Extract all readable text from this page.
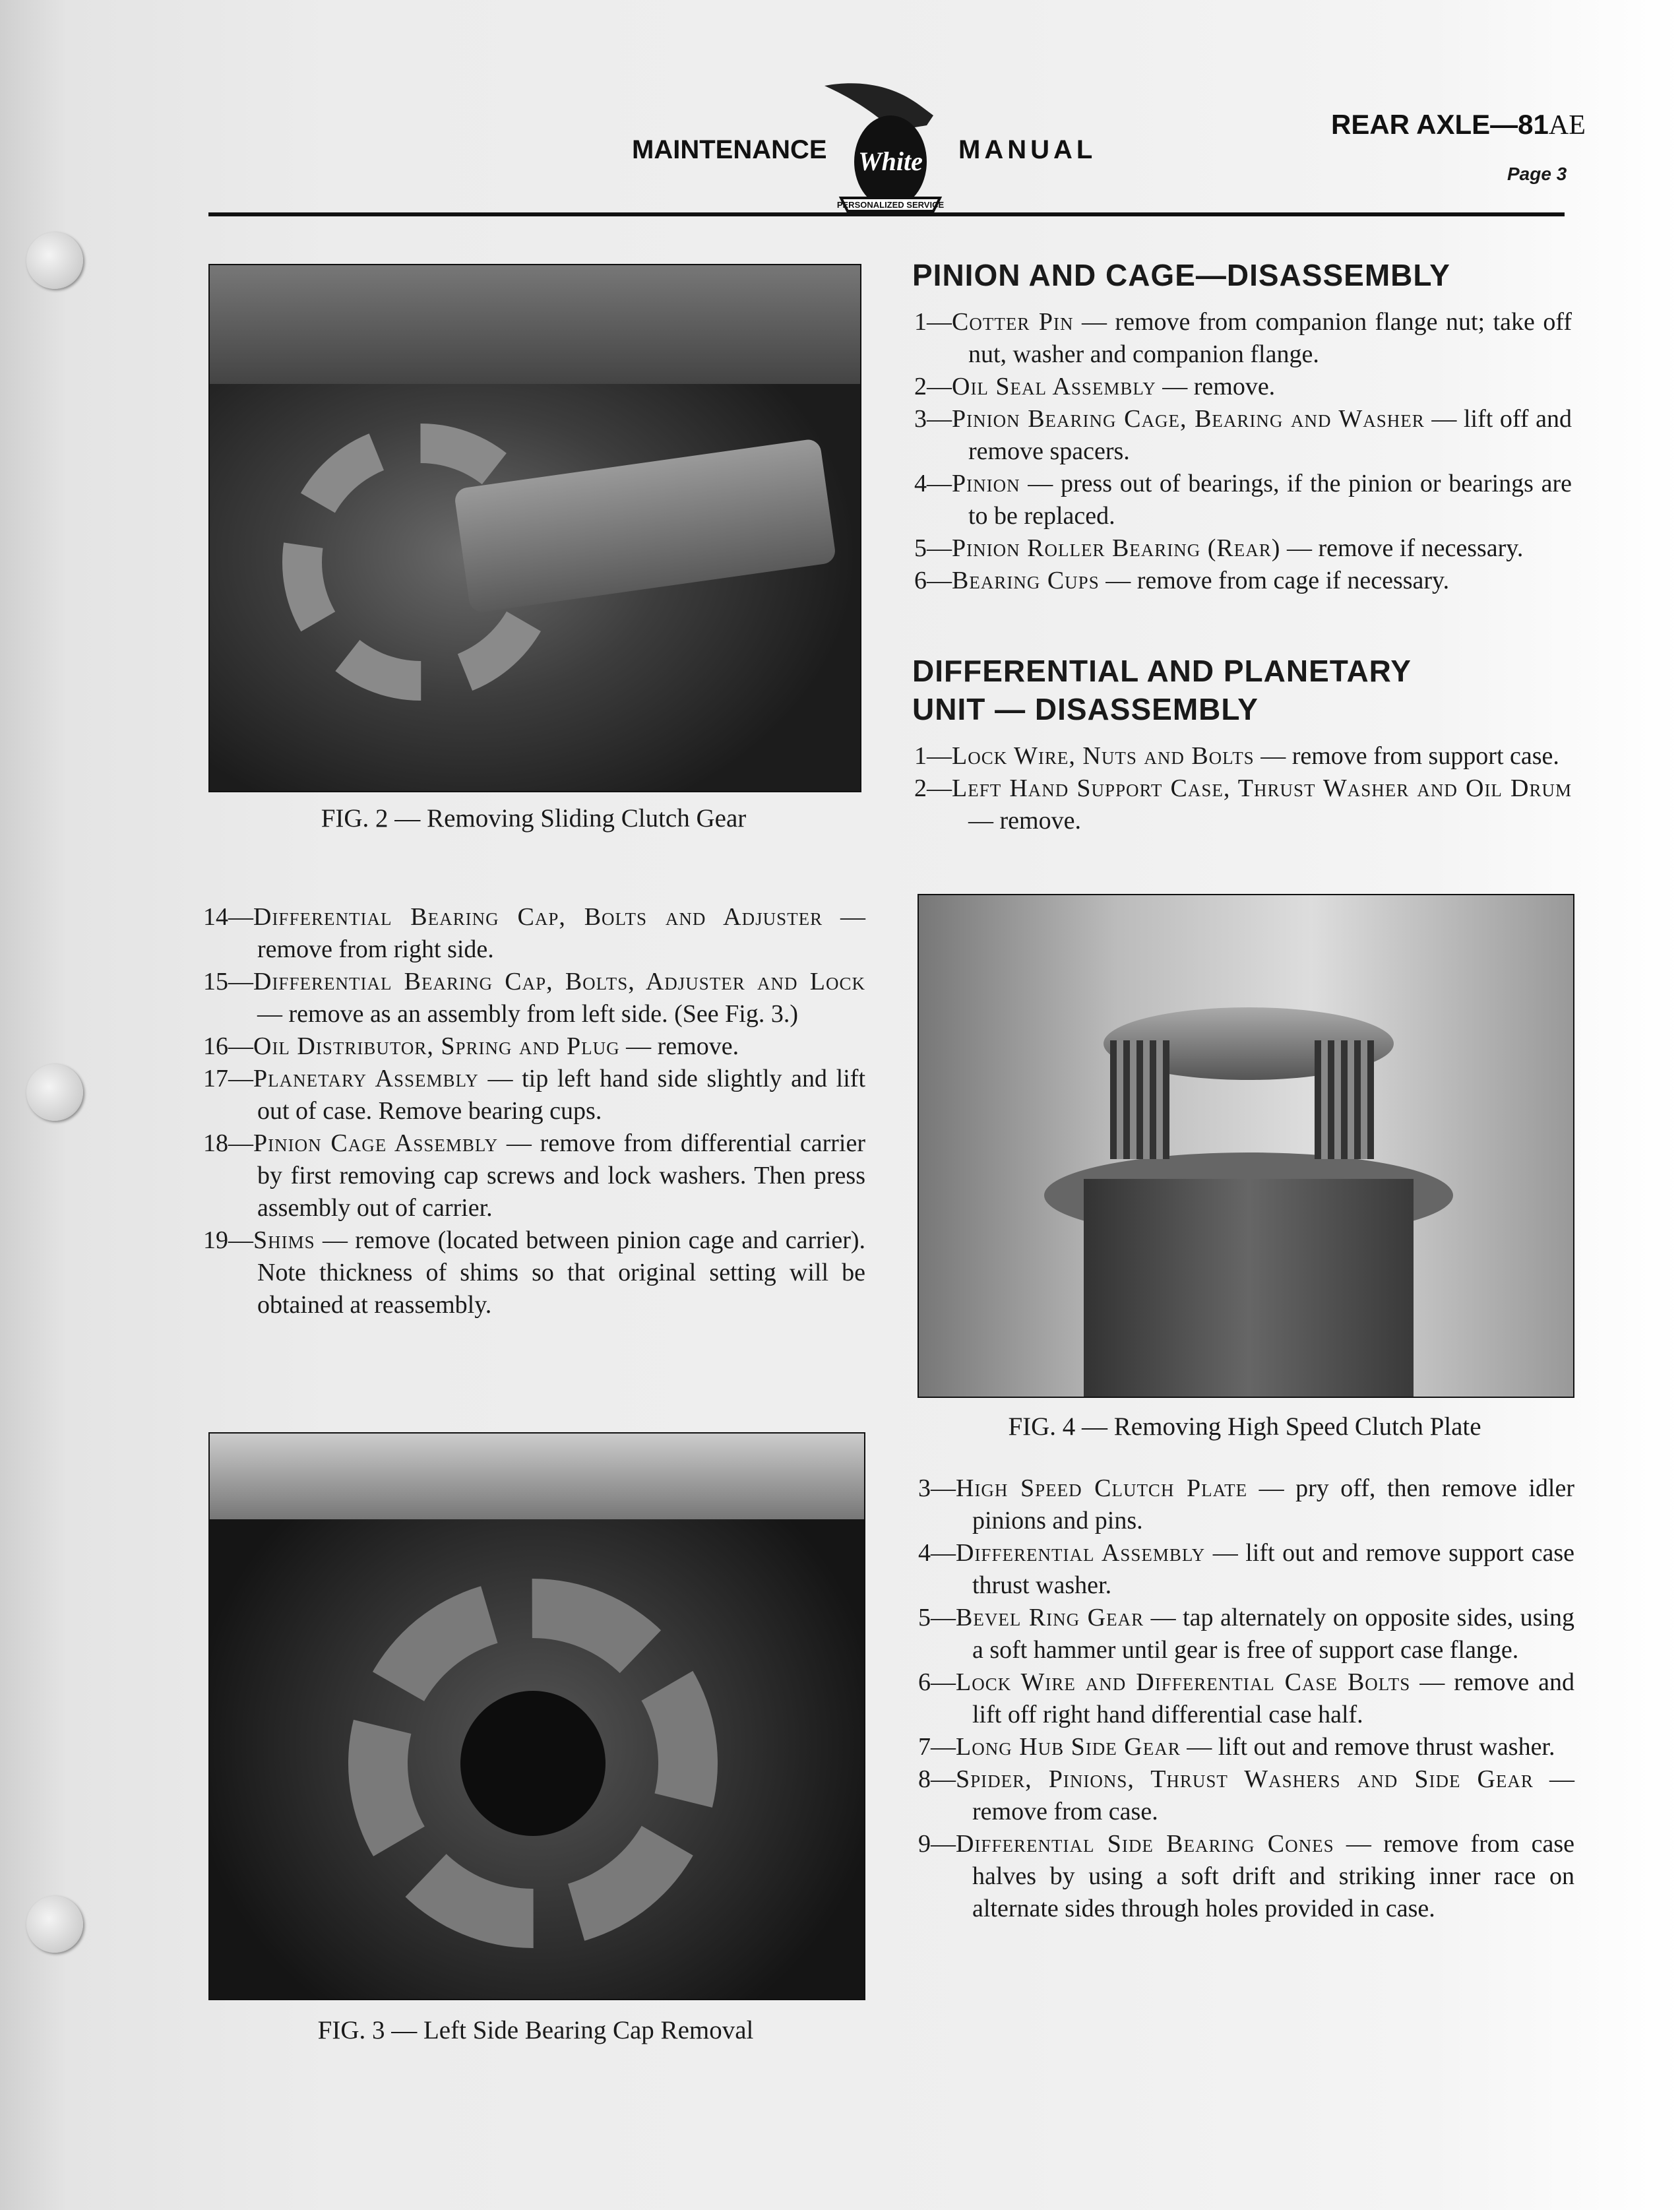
MAINTENANCE
PERSONALIZED SERVICE
White MANUAL
REAR AXLE—81AE
Page 3
FIG. 2 — Removing Sliding Clutch Gear

14—Differential Bearing Cap, Bolts and Adjuster — remove from right side.

15—Differential Bearing Cap, Bolts, Adjuster and Lock — remove as an assembly from left side. (See Fig. 3.)

16—Oil Distributor, Spring and Plug — remove.

17—Planetary Assembly — tip left hand side slightly and lift out of case. Remove bearing cups.

18—Pinion Cage Assembly — remove from differential carrier by first removing cap screws and lock washers. Then press assembly out of carrier.

19—Shims — remove (located between pinion cage and carrier). Note thickness of shims so that original setting will be obtained at reassembly.

FIG. 3 — Left Side Bearing Cap Removal
PINION AND CAGE—DISASSEMBLY

1—Cotter Pin — remove from companion flange nut; take off nut, washer and companion flange.

2—Oil Seal Assembly — remove.

3—Pinion Bearing Cage, Bearing and Washer — lift off and remove spacers.

4—Pinion — press out of bearings, if the pinion or bearings are to be replaced.

5—Pinion Roller Bearing (Rear) — remove if necessary.

6—Bearing Cups — remove from cage if necessary.

DIFFERENTIAL AND PLANETARY
UNIT — DISASSEMBLY

1—Lock Wire, Nuts and Bolts — remove from support case.

2—Left Hand Support Case, Thrust Washer and Oil Drum — remove.

FIG. 4 — Removing High Speed Clutch Plate

3—High Speed Clutch Plate — pry off, then remove idler pinions and pins.

4—Differential Assembly — lift out and remove support case thrust washer.

5—Bevel Ring Gear — tap alternately on opposite sides, using a soft hammer until gear is free of support case flange.

6—Lock Wire and Differential Case Bolts — remove and lift off right hand differential case half.

7—Long Hub Side Gear — lift out and remove thrust washer.

8—Spider, Pinions, Thrust Washers and Side Gear — remove from case.

9—Differential Side Bearing Cones — remove from case halves by using a soft drift and striking inner race on alternate sides through holes provided in case.
